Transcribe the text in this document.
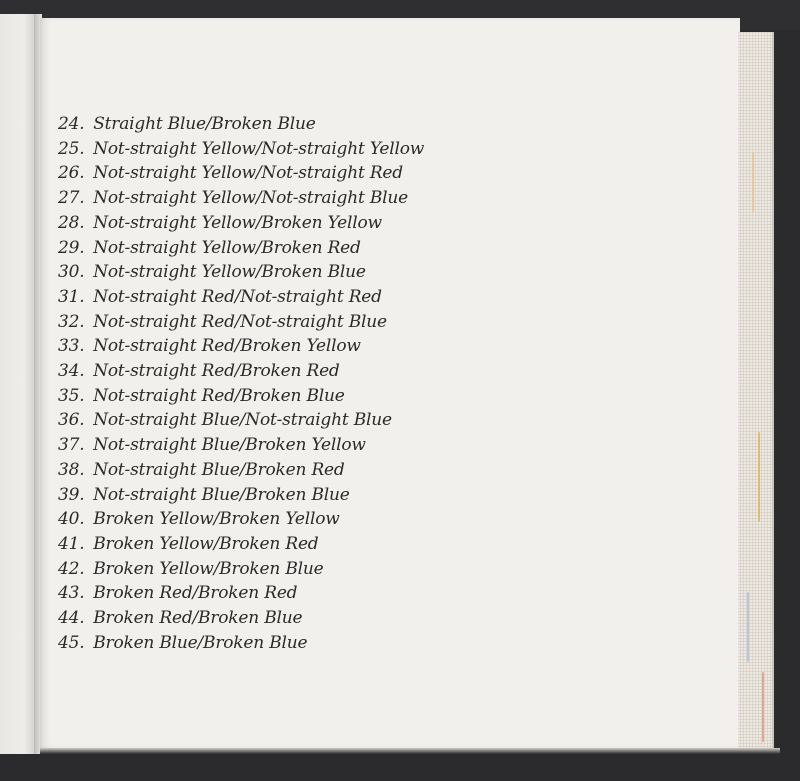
24. Straight Blue/Broken Blue
25. Not-straight Yellow/Not-straight Yellow
26. Not-straight Yellow/Not-straight Red
27. Not-straight Yellow/Not-straight Blue
28. Not-straight Yellow/Broken Yellow
29. Not-straight Yellow/Broken Red
30. Not-straight Yellow/Broken Blue
31. Not-straight Red/Not-straight Red
32. Not-straight Red/Not-straight Blue
33. Not-straight Red/Broken Yellow
34. Not-straight Red/Broken Red
35. Not-straight Red/Broken Blue
36. Not-straight Blue/Not-straight Blue
37. Not-straight Blue/Broken Yellow
38. Not-straight Blue/Broken Red
39. Not-straight Blue/Broken Blue
40. Broken Yellow/Broken Yellow
41. Broken Yellow/Broken Red
42. Broken Yellow/Broken Blue
43. Broken Red/Broken Red
44. Broken Red/Broken Blue
45. Broken Blue/Broken Blue
